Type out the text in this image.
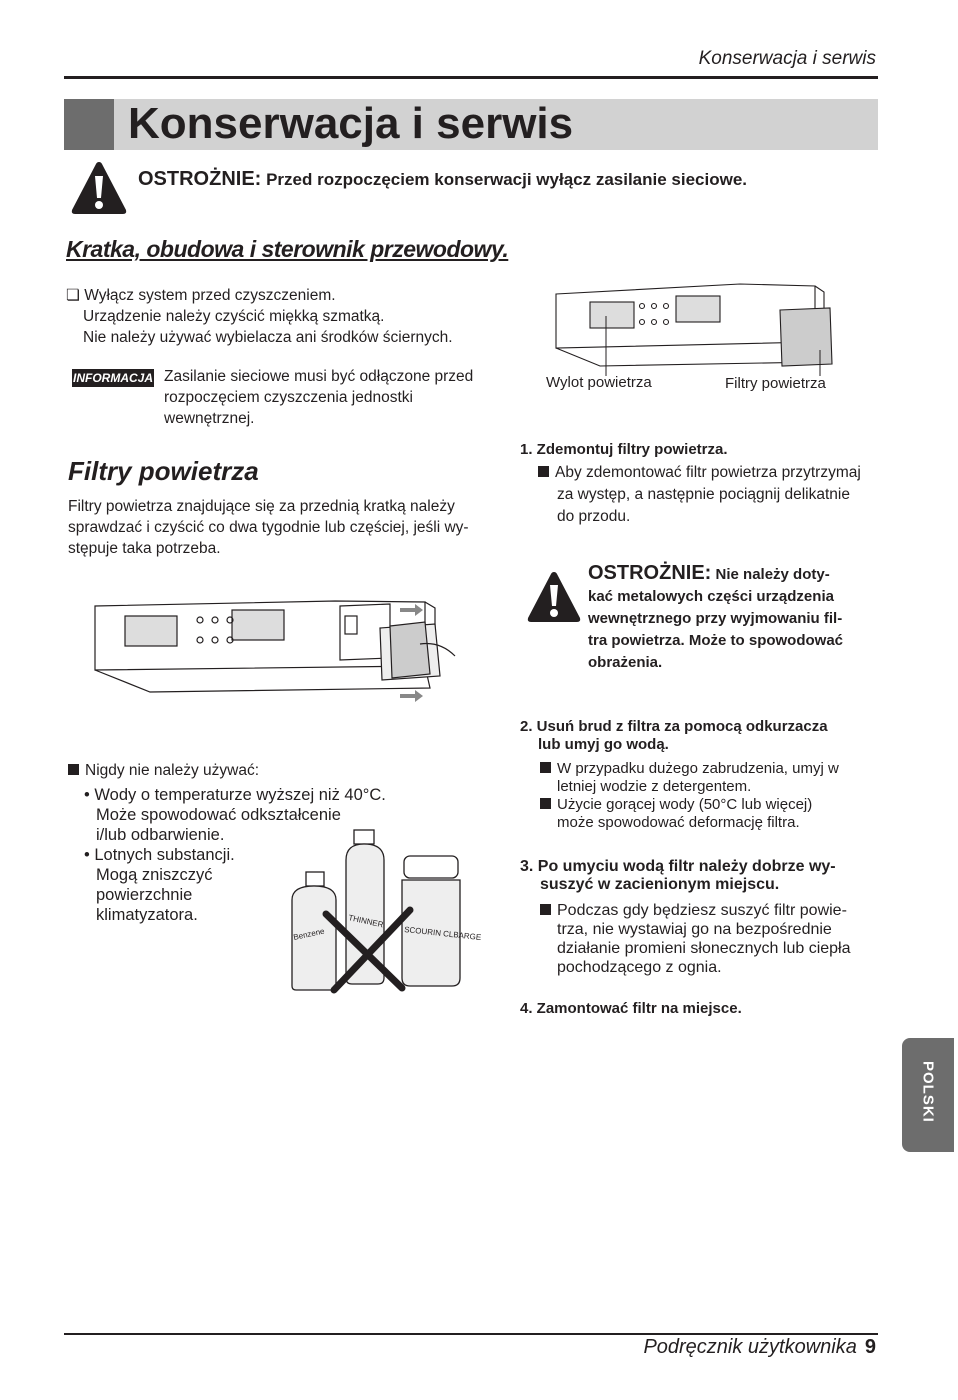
Konserwacja i serwis
Konserwacja i serwis
OSTROŻNIE: Przed rozpoczęciem konserwacji wyłącz zasilanie sieciowe.
Kratka, obudowa i sterownik przewodowy.
❏ Wyłącz system przed czyszczeniem.
Urządzenie należy czyścić miękką szmatką.
Nie należy używać wybielacza ani środków ściernych.
INFORMACJA Zasilanie sieciowe musi być odłączone przed
rozpoczęciem czyszczenia jednostki
wewnętrznej.
Filtry powietrza
Filtry powietrza znajdujące się za przednią kratką należy
sprawdzać i czyścić co dwa tygodnie lub częściej, jeśli wy-
stępuje taka potrzeba.
Nigdy nie należy używać:
• Wody o temperaturze wyższej niż 40°C.
Może spowodować odkształcenie
i/lub odbarwienie.
• Lotnych substancji.
Mogą zniszczyć
powierzchnie
klimatyzatora.
Benzene
THINNER
SCOURIN CLBARGE
Wylot powietrza	Filtry powietrza
1. Zdemontuj filtry powietrza.
Aby zdemontować filtr powietrza przytrzymaj
za występ, a następnie pociągnij delikatnie
do przodu.
OSTROŻNIE: Nie należy doty-
kać metalowych części urządzenia
wewnętrznego przy wyjmowaniu fil-
tra powietrza. Może to spowodować
obrażenia.
2. Usuń brud z filtra za pomocą odkurzacza
lub umyj go wodą.
W przypadku dużego zabrudzenia, umyj w
letniej wodzie z detergentem.
Użycie gorącej wody (50°C lub więcej)
może spowodować deformację filtra.
3. Po umyciu wodą filtr należy dobrze wy-
suszyć w zacienionym miejscu.
Podczas gdy będziesz suszyć filtr powie-
trza, nie wystawiaj go na bezpośrednie
działanie promieni słonecznych lub ciepła
pochodzącego z ognia.
4. Zamontować filtr na miejsce.
POLSKI
Podręcznik użytkownika 9
